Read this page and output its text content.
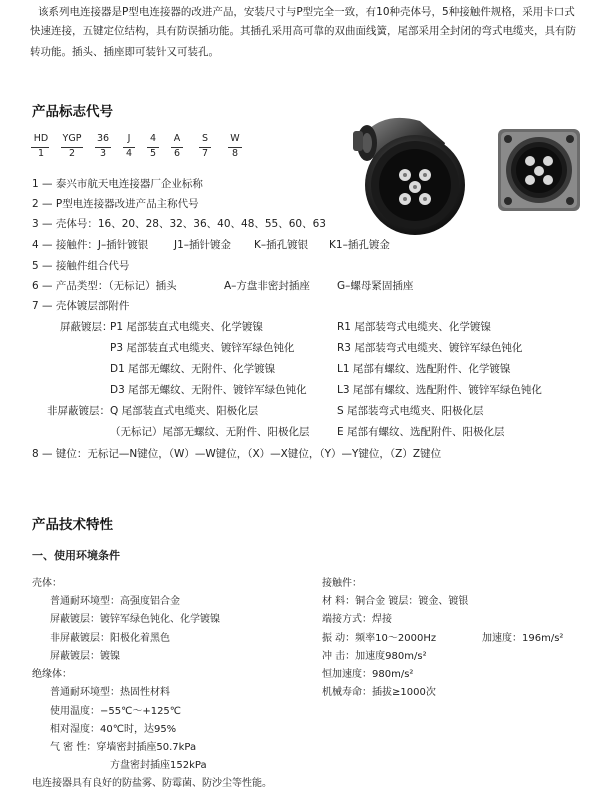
该系列电连接器是P型电连接器的改进产品，安装尺寸与P型完全一致，有10种壳体号，5种接触件规格，采用卡口式
快速连接，五键定位结构，具有防误插功能。其插孔采用高可靠的双曲面线簧，尾部采用全封闭的弯式电缆夹，具有防
转功能。插头、插座即可装针又可装孔。
产品标志代号
HD	YGP	36	J	4	A	S	W
1	2	3	4	5	6	7	8
1 — 泰兴市航天电连接器厂企业标称
2 — P型电连接器改进产品主称代号
3 — 壳体号：16、20、28、32、36、40、48、55、60、63
4 — 接触件：J–插针镀银 J1–插针镀金 K–插孔镀银 K1–插孔镀金
5 — 接触件组合代号
6 — 产品类型：（无标记）插头	A–方盘非密封插座	G–螺母紧固插座
7 — 壳体镀层部附件
屏蔽镀层：
P1 尾部装直式电缆夹、化学镀镍	R1 尾部装弯式电缆夹、化学镀镍
P3 尾部装直式电缆夹、镀锌军绿色钝化	R3 尾部装弯式电缆夹、镀锌军绿色钝化
D1 尾部无螺纹、无附件、化学镀镍	L1 尾部有螺纹、选配附件、化学镀镍
D3 尾部无螺纹、无附件、镀锌军绿色钝化	L3 尾部有螺纹、选配附件、镀锌军绿色钝化
非屏蔽镀层： Q 尾部装直式电缆夹、阳极化层	S 尾部装弯式电缆夹、阳极化层
（无标记）尾部无螺纹、无附件、阳极化层	E 尾部有螺纹、选配附件、阳极化层
8 — 键位：无标记—N键位，（W）—W键位，（X）—X键位，（Y）—Y键位，（Z）Z键位
产品技术特性
一、使用环境条件
壳体：
普通耐环境型：高强度铝合金
屏蔽镀层：镀锌军绿色钝化、化学镀镍
非屏蔽镀层：阳极化着黑色
屏蔽镀层：镀镍
绝缘体：
普通耐环境型：热固性材料
使用温度：−55℃～+125℃
相对湿度：40℃时，达95%
气 密 性：穿墙密封插座50.7kPa
方盘密封插座152kPa
电连接器具有良好的防盐雾、防霉菌、防沙尘等性能。
接触件：
材 料：铜合金 镀层：镀金、镀银
端接方式：焊接
振 动：频率10～2000Hz	加速度：196m/s²
冲 击：加速度980m/s²
恒加速度：980m/s²
机械寿命：插拔≥1000次
